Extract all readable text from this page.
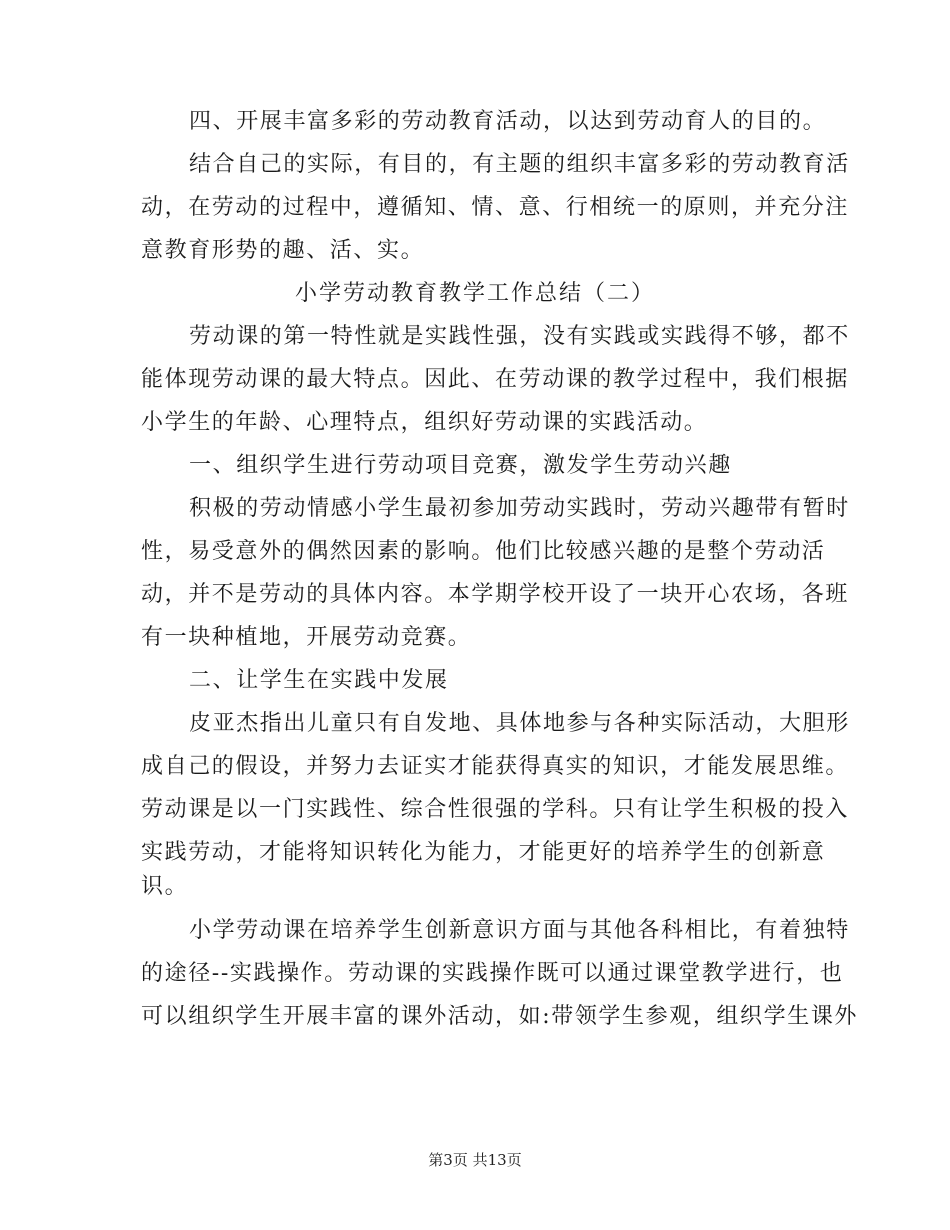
四、开展丰富多彩的劳动教育活动，以达到劳动育人的目的。
结合自己的实际，有目的，有主题的组织丰富多彩的劳动教育活
动，在劳动的过程中，遵循知、情、意、行相统一的原则，并充分注
意教育形势的趣、活、实。
小学劳动教育教学工作总结（二）
劳动课的第一特性就是实践性强，没有实践或实践得不够，都不
能体现劳动课的最大特点。因此、在劳动课的教学过程中，我们根据
小学生的年龄、心理特点，组织好劳动课的实践活动。
一、组织学生进行劳动项目竞赛，激发学生劳动兴趣
积极的劳动情感小学生最初参加劳动实践时，劳动兴趣带有暂时
性，易受意外的偶然因素的影响。他们比较感兴趣的是整个劳动活
动，并不是劳动的具体内容。本学期学校开设了一块开心农场，各班
有一块种植地，开展劳动竞赛。
二、让学生在实践中发展
皮亚杰指出儿童只有自发地、具体地参与各种实际活动，大胆形
成自己的假设，并努力去证实才能获得真实的知识，才能发展思维。
劳动课是以一门实践性、综合性很强的学科。只有让学生积极的投入
实践劳动，才能将知识转化为能力，才能更好的培养学生的创新意
识。
小学劳动课在培养学生创新意识方面与其他各科相比，有着独特
的途径--实践操作。劳动课的实践操作既可以通过课堂教学进行，也
可以组织学生开展丰富的课外活动，如:带领学生参观，组织学生课外
第3页 共13页
